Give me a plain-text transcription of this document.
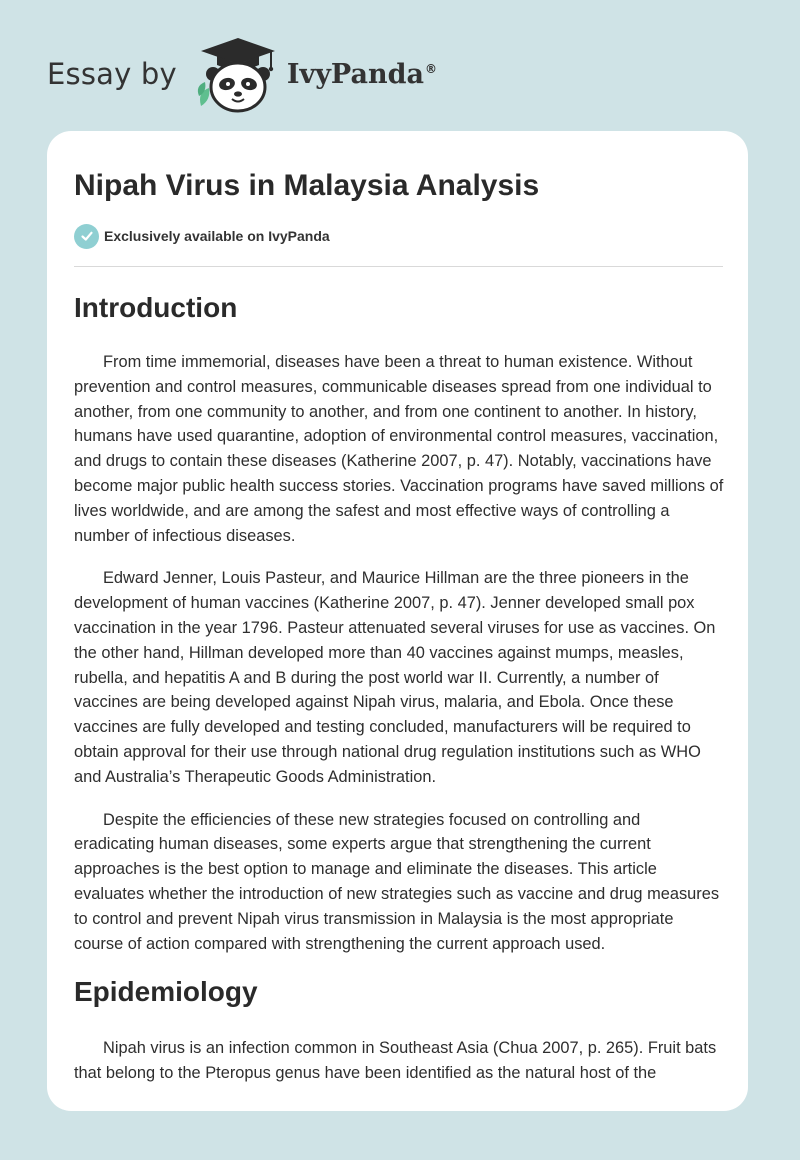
Essay by	IvyPanda®
Nipah Virus in Malaysia Analysis
Exclusively available on IvyPanda
Introduction

From time immemorial, diseases have been a threat to human existence. Without prevention and control measures, communicable diseases spread from one individual to another, from one community to another, and from one continent to another. In history, humans have used quarantine, adoption of environmental control measures, vaccination, and drugs to contain these diseases (Katherine 2007, p. 47). Notably, vaccinations have become major public health success stories. Vaccination programs have saved millions of lives worldwide, and are among the safest and most effective ways of controlling a number of infectious diseases.

Edward Jenner, Louis Pasteur, and Maurice Hillman are the three pioneers in the development of human vaccines (Katherine 2007, p. 47). Jenner developed small pox vaccination in the year 1796. Pasteur attenuated several viruses for use as vaccines. On the other hand, Hillman developed more than 40 vaccines against mumps, measles, rubella, and hepatitis A and B during the post world war II. Currently, a number of vaccines are being developed against Nipah virus, malaria, and Ebola. Once these vaccines are fully developed and testing concluded, manufacturers will be required to obtain approval for their use through national drug regulation institutions such as WHO and Australia’s Therapeutic Goods Administration.

Despite the efficiencies of these new strategies focused on controlling and eradicating human diseases, some experts argue that strengthening the current approaches is the best option to manage and eliminate the diseases. This article evaluates whether the introduction of new strategies such as vaccine and drug measures to control and prevent Nipah virus transmission in Malaysia is the most appropriate course of action compared with strengthening the current approach used.

Epidemiology

Nipah virus is an infection common in Southeast Asia (Chua 2007, p. 265). Fruit bats that belong to the Pteropus genus have been identified as the natural host of the
